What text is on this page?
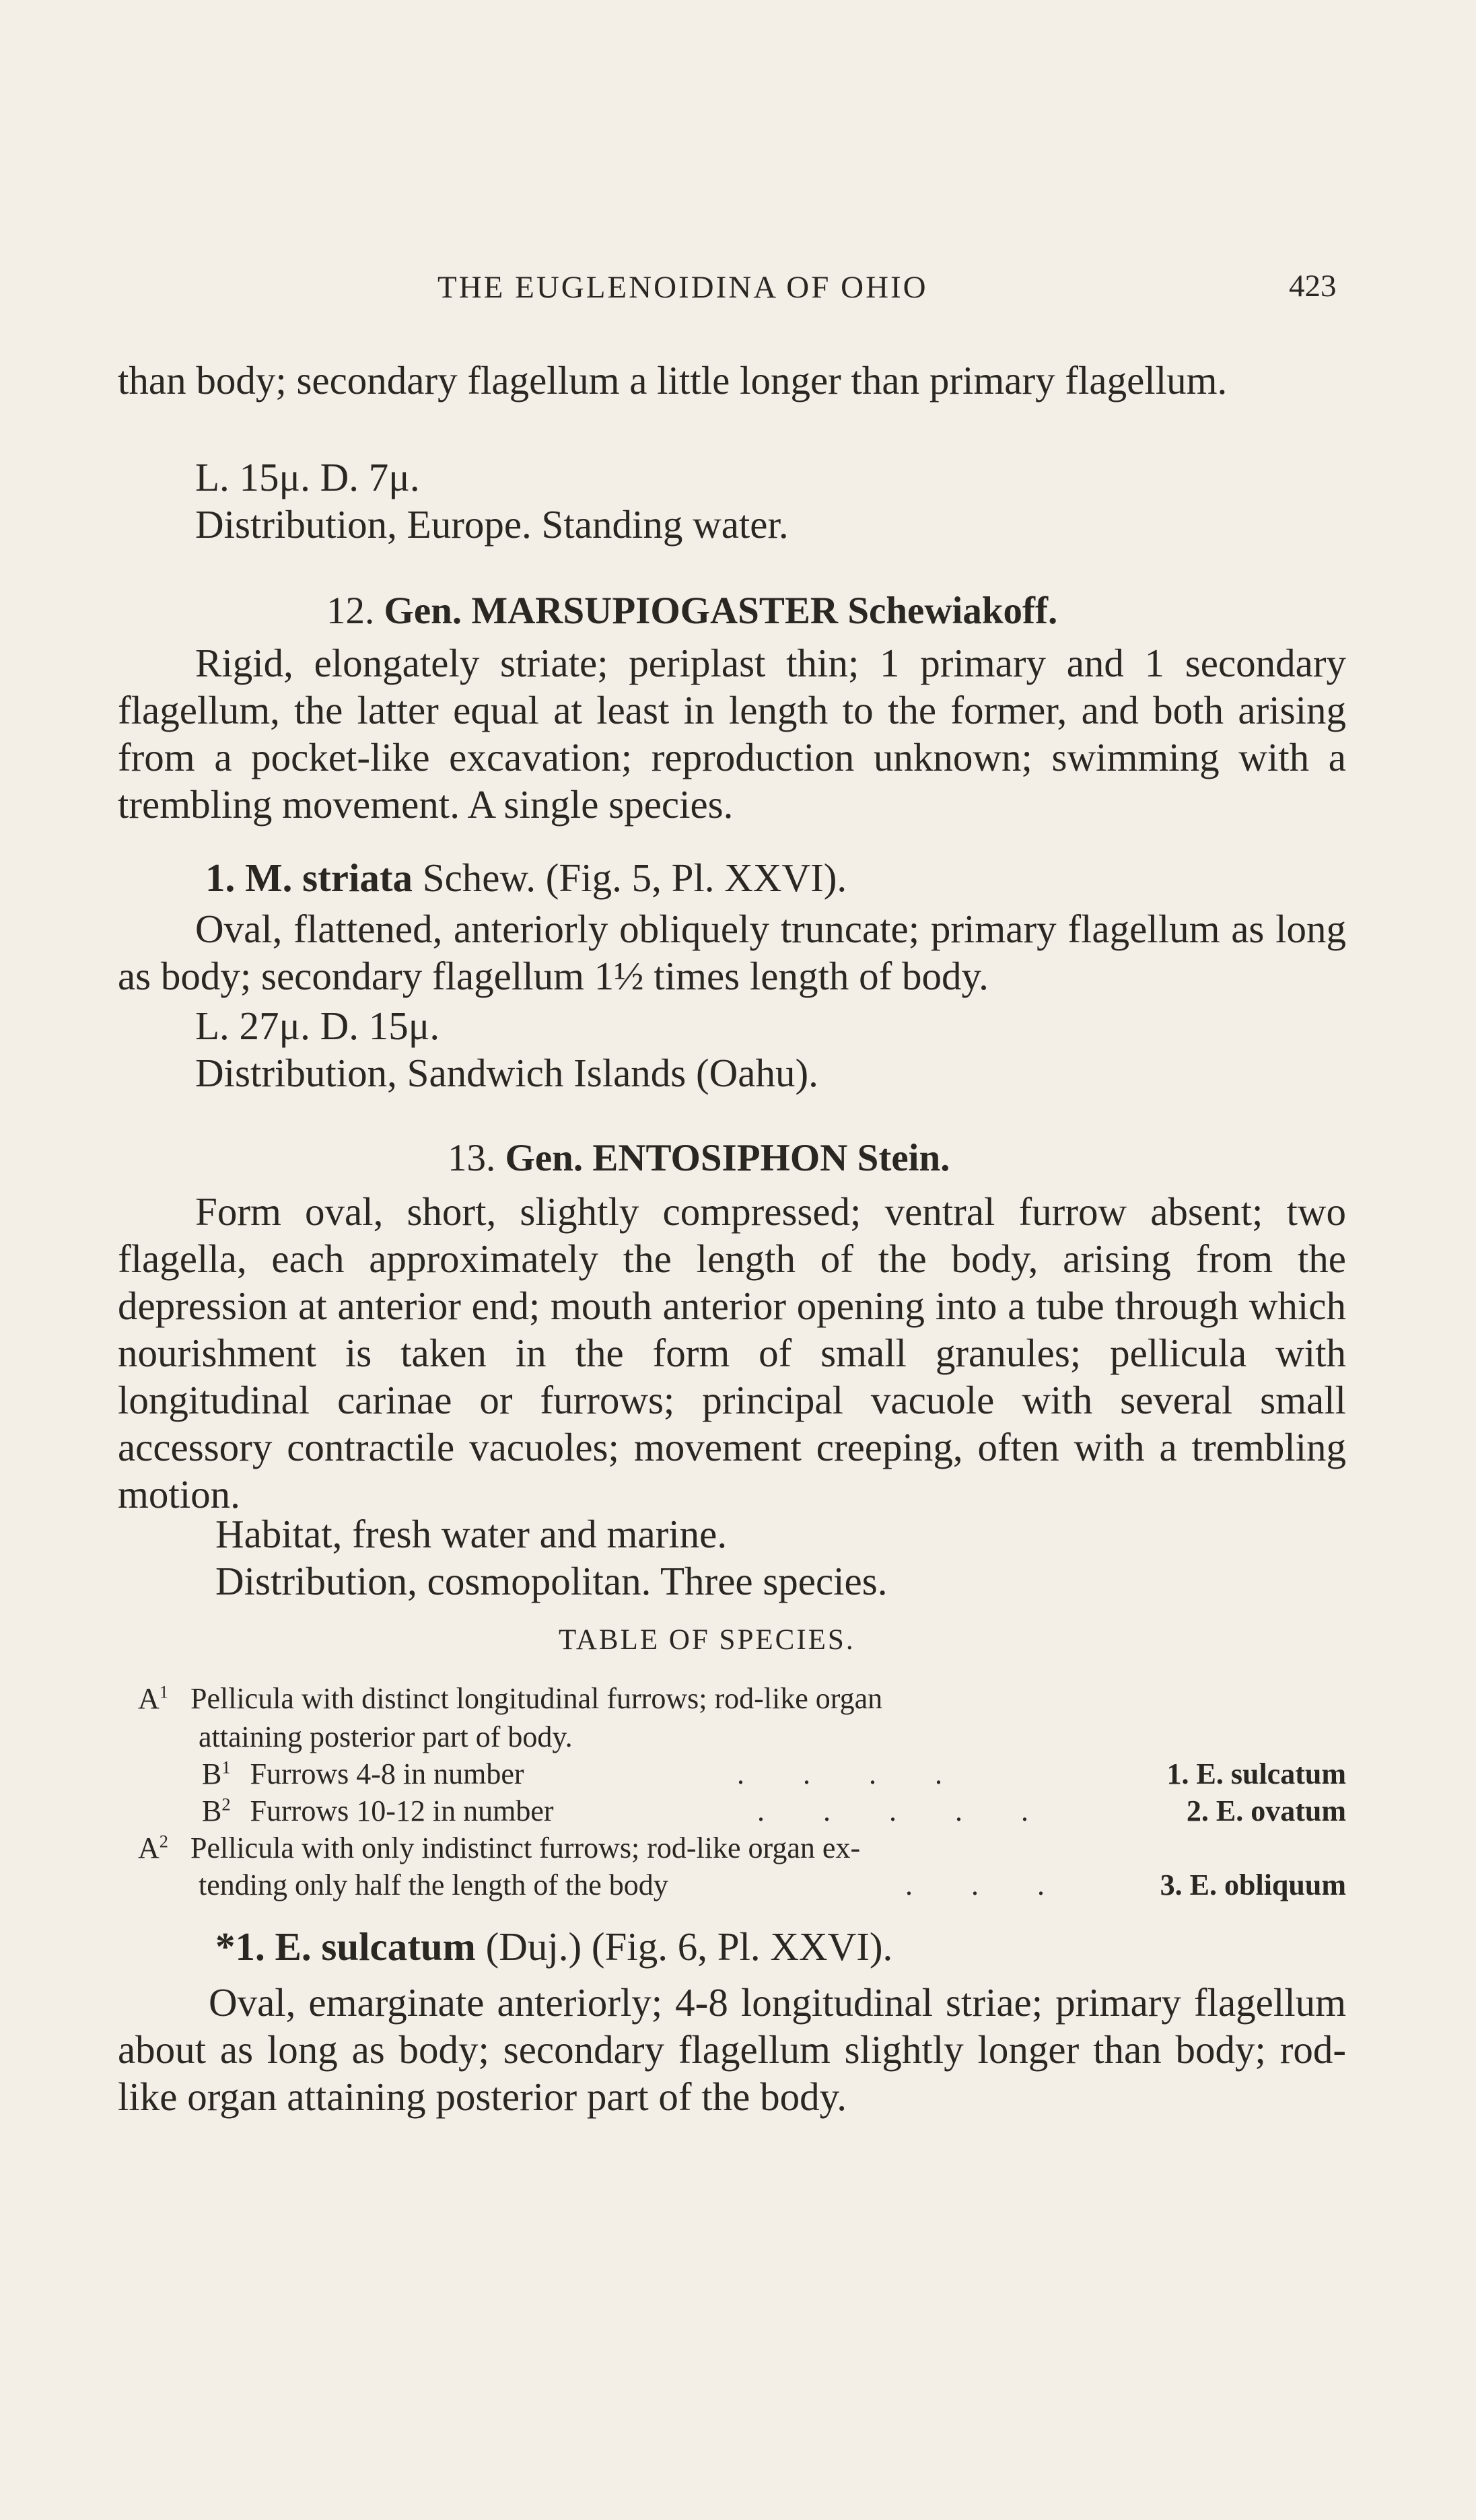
THE EUGLENOIDINA OF OHIO	423
than body; secondary flagellum a little longer than primary flagellum.
L. 15μ. D. 7μ.
Distribution, Europe. Standing water.
12. Gen. MARSUPIOGASTER Schewiakoff.
Rigid, elongately striate; periplast thin; 1 primary and 1 secondary flagellum, the latter equal at least in length to the former, and both arising from a pocket-like excavation; reproduction unknown; swimming with a trembling movement. A single species.
1. M. striata Schew. (Fig. 5, Pl. XXVI).
Oval, flattened, anteriorly obliquely truncate; primary flagellum as long as body; secondary flagellum 1½ times length of body.
L. 27μ. D. 15μ.
Distribution, Sandwich Islands (Oahu).
13. Gen. ENTOSIPHON Stein.
Form oval, short, slightly compressed; ventral furrow absent; two flagella, each approximately the length of the body, arising from the depression at anterior end; mouth anterior opening into a tube through which nourishment is taken in the form of small granules; pellicula with longitudinal carinae or furrows; principal vacuole with several small accessory contractile vacuoles; movement creeping, often with a trembling motion.
Habitat, fresh water and marine.
Distribution, cosmopolitan. Three species.
TABLE OF SPECIES.
$A^1$ Pellicula with distinct longitudinal furrows; rod-like organ
attaining posterior part of body.
$B^1$ Furrows 4-8 in number	. . . .	1. E. sulcatum
$B^2$ Furrows 10-12 in number	. . . . .	2. E. ovatum
$A^2$ Pellicula with only indistinct furrows; rod-like organ ex-
tending only half the length of the body	. . .	3. E. obliquum
*1. E. sulcatum (Duj.) (Fig. 6, Pl. XXVI).
Oval, emarginate anteriorly; 4-8 longitudinal striae; primary flagellum about as long as body; secondary flagellum slightly longer than body; rod-like organ attaining posterior part of the body.
